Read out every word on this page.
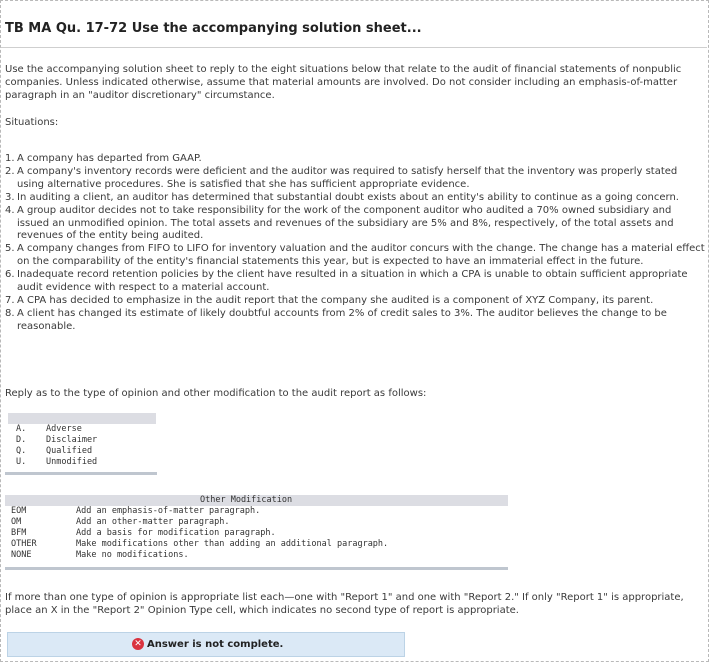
TB MA Qu. 17-72 Use the accompanying solution sheet...

Use the accompanying solution sheet to reply to the eight situations below that relate to the audit of financial statements of nonpublic companies. Unless indicated otherwise, assume that material amounts are involved. Do not consider including an emphasis-of-matter paragraph in an "auditor discretionary" circumstance.

Situations:

1. A company has departed from GAAP.
2. A company's inventory records were deficient and the auditor was required to satisfy herself that the inventory was properly stated using alternative procedures. She is satisfied that she has sufficient appropriate evidence.
3. In auditing a client, an auditor has determined that substantial doubt exists about an entity's ability to continue as a going concern.
4. A group auditor decides not to take responsibility for the work of the component auditor who audited a 70% owned subsidiary and issued an unmodified opinion. The total assets and revenues of the subsidiary are 5% and 8%, respectively, of the total assets and revenues of the entity being audited.
5. A company changes from FIFO to LIFO for inventory valuation and the auditor concurs with the change. The change has a material effect on the comparability of the entity's financial statements this year, but is expected to have an immaterial effect in the future.
6. Inadequate record retention policies by the client have resulted in a situation in which a CPA is unable to obtain sufficient appropriate audit evidence with respect to a material account.
7. A CPA has decided to emphasize in the audit report that the company she audited is a component of XYZ Company, its parent.
8. A client has changed its estimate of likely doubtful accounts from 2% of credit sales to 3%. The auditor believes the change to be reasonable.

Reply as to the type of opinion and other modification to the audit report as follows:

A.	Adverse
D.	Disclaimer
Q.	Qualified
U.	Unmodified
	Other Modification
EOM	Add an emphasis-of-matter paragraph.
OM	Add an other-matter paragraph.
BFM	Add a basis for modification paragraph.
OTHER	Make modifications other than adding an additional paragraph.
NONE	Make no modifications.

If more than one type of opinion is appropriate list each—one with "Report 1" and one with "Report 2." If only "Report 1" is appropriate, place an X in the "Report 2" Opinion Type cell, which indicates no second type of report is appropriate.

✕ Answer is not complete.
